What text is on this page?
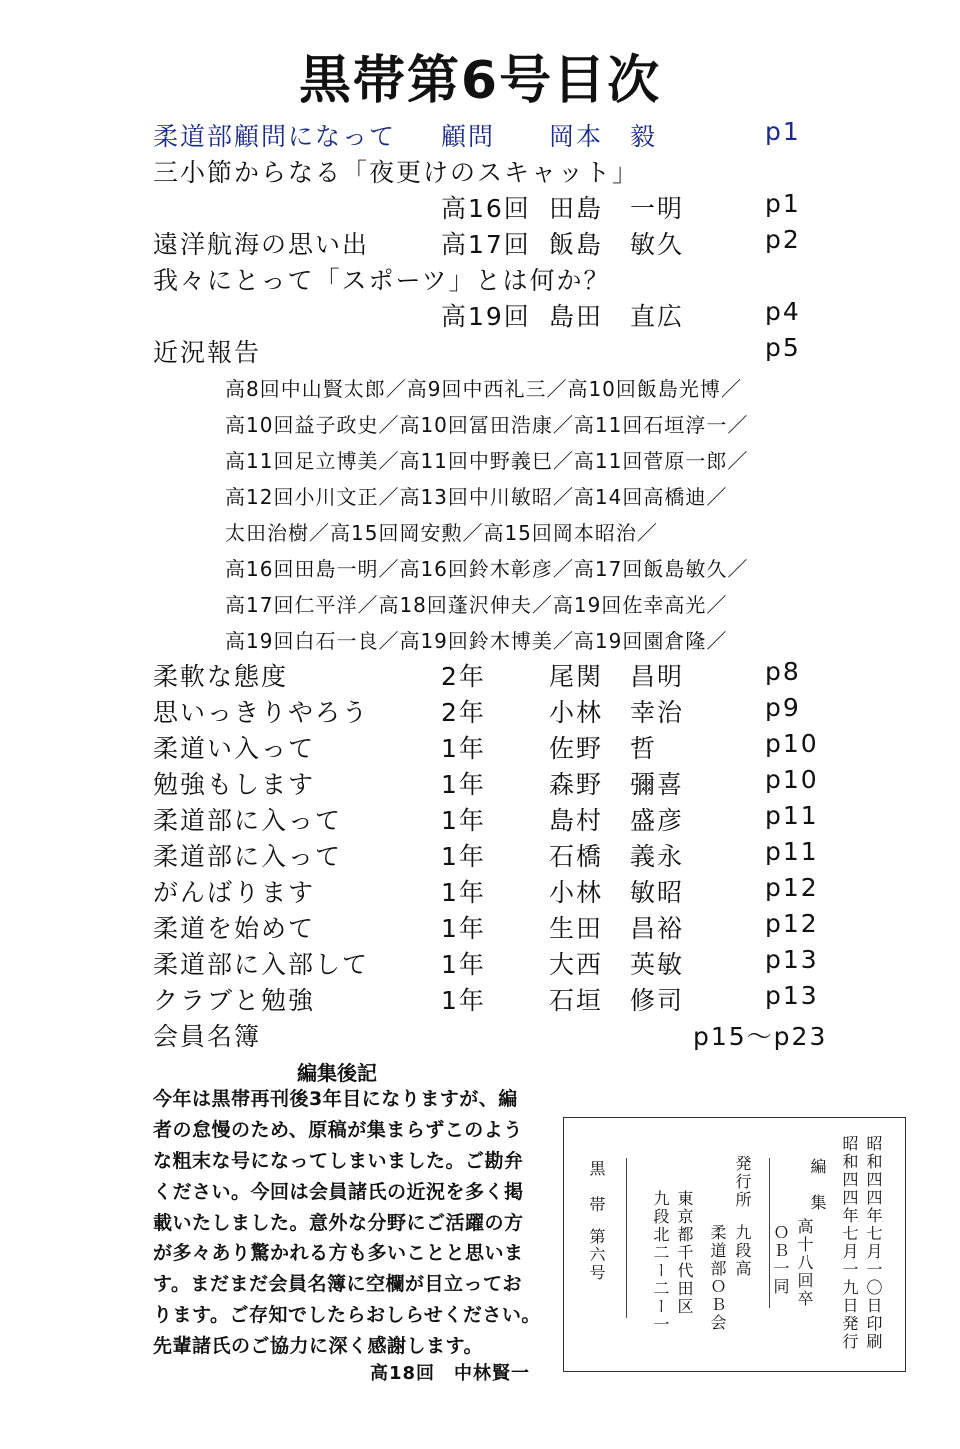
黒帯第6号目次
柔道部顧問になって 顧問 岡本 毅	p1
三小節からなる「夜更けのスキャット」
高16回 田島 一明	p1
遠洋航海の思い出	高17回 飯島 敏久	p2
我々にとって「スポーツ」とは何か？
高19回 島田 直広	p4
近況報告	p5
高8回中山賢太郎／高9回中西礼三／高10回飯島光博／
高10回益子政史／高10回冨田浩康／高11回石垣淳一／
高11回足立博美／高11回中野義巳／高11回菅原一郎／
高12回小川文正／高13回中川敏昭／高14回高橋迪／
太田治樹／高15回岡安勲／高15回岡本昭治／
高16回田島一明／高16回鈴木彰彦／高17回飯島敏久／
高17回仁平洋／高18回蓬沢伸夫／高19回佐幸高光／
高19回白石一良／高19回鈴木博美／高19回園倉隆／
柔軟な態度	2年	尾関 昌明	p8
思いっきりやろう	2年	小林 幸治	p9
柔道い入って	1年	佐野 哲	p10
勉強もします	1年	森野 彌喜	p10
柔道部に入って	1年	島村 盛彦	p11
柔道部に入って	1年	石橋 義永	p11
がんばります	1年	小林 敏昭	p12
柔道を始めて	1年	生田 昌裕	p12
柔道部に入部して	1年	大西 英敏	p13
クラブと勉強	1年	石垣 修司	p13
会員名簿	p15〜p23
編集後記
今年は黒帯再刊後3年目になりますが、編
者の怠慢のため、原稿が集まらずこのよう
な粗末な号になってしまいました。ご勘弁
ください。今回は会員諸氏の近況を多く掲
載いたしました。意外な分野にご活躍の方
が多々あり驚かれる方も多いことと思いま
す。まだまだ会員名簿に空欄が目立ってお
ります。ご存知でしたらおしらせください。
先輩諸氏のご協力に深く感謝します。
高18回　中林賢一
昭和四四年七月一〇日印刷
昭和四四年七月一九日発行
編　集
高十八回卒
ＯＢ一同
発行所
九段高
柔道部ＯＢ会
東京都千代田区
九段北二ー二ー一
黒　帯
第六号
